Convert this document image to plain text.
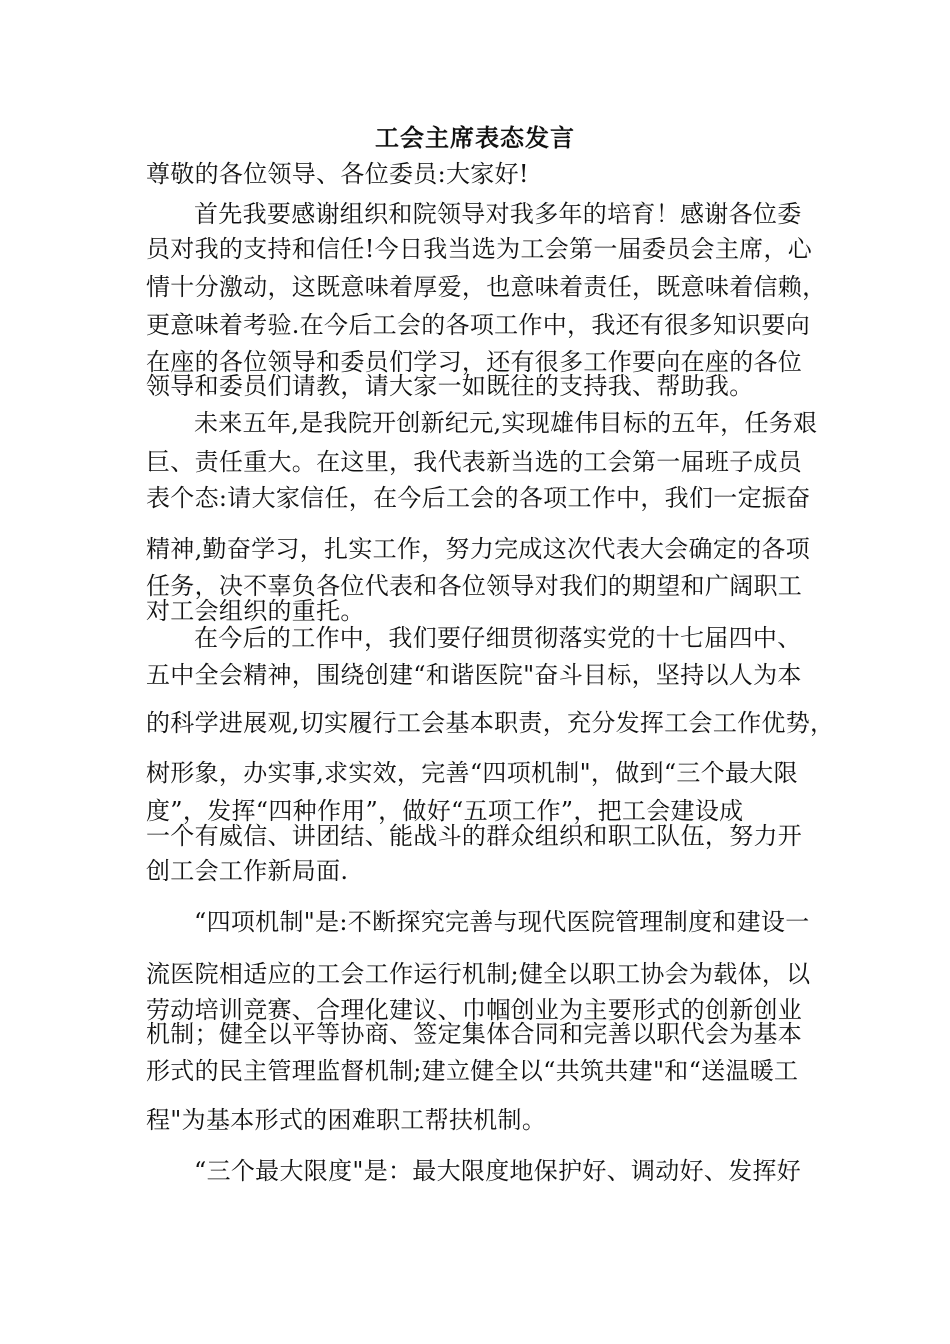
工会主席表态发言
尊敬的各位领导、各位委员:大家好!
首先我要感谢组织和院领导对我多年的培育！感谢各位委
员对我的支持和信任!今日我当选为工会第一届委员会主席，心
情十分激动，这既意味着厚爱，也意味着责任，既意味着信赖，
更意味着考验.在今后工会的各项工作中，我还有很多知识要向
在座的各位领导和委员们学习，还有很多工作要向在座的各位
领导和委员们请教，请大家一如既往的支持我、帮助我。
未来五年,是我院开创新纪元,实现雄伟目标的五年，任务艰
巨、责任重大。在这里，我代表新当选的工会第一届班子成员
表个态:请大家信任，在今后工会的各项工作中，我们一定振奋
精神,勤奋学习，扎实工作，努力完成这次代表大会确定的各项
任务，决不辜负各位代表和各位领导对我们的期望和广阔职工
对工会组织的重托。
在今后的工作中，我们要仔细贯彻落实党的十七届四中、
五中全会精神，围绕创建“和谐医院"奋斗目标，坚持以人为本
的科学进展观,切实履行工会基本职责，充分发挥工会工作优势，
树形象，办实事,求实效，完善“四项机制"，做到“三个最大限
度”，发挥“四种作用”，做好“五项工作”，把工会建设成
一个有威信、讲团结、能战斗的群众组织和职工队伍，努力开
创工会工作新局面.
“四项机制"是:不断探究完善与现代医院管理制度和建设一
流医院相适应的工会工作运行机制;健全以职工协会为载体，以
劳动培训竞赛、合理化建议、巾帼创业为主要形式的创新创业
机制；健全以平等协商、签定集体合同和完善以职代会为基本
形式的民主管理监督机制;建立健全以“共筑共建"和“送温暖工
程"为基本形式的困难职工帮扶机制。
“三个最大限度"是：最大限度地保护好、调动好、发挥好
